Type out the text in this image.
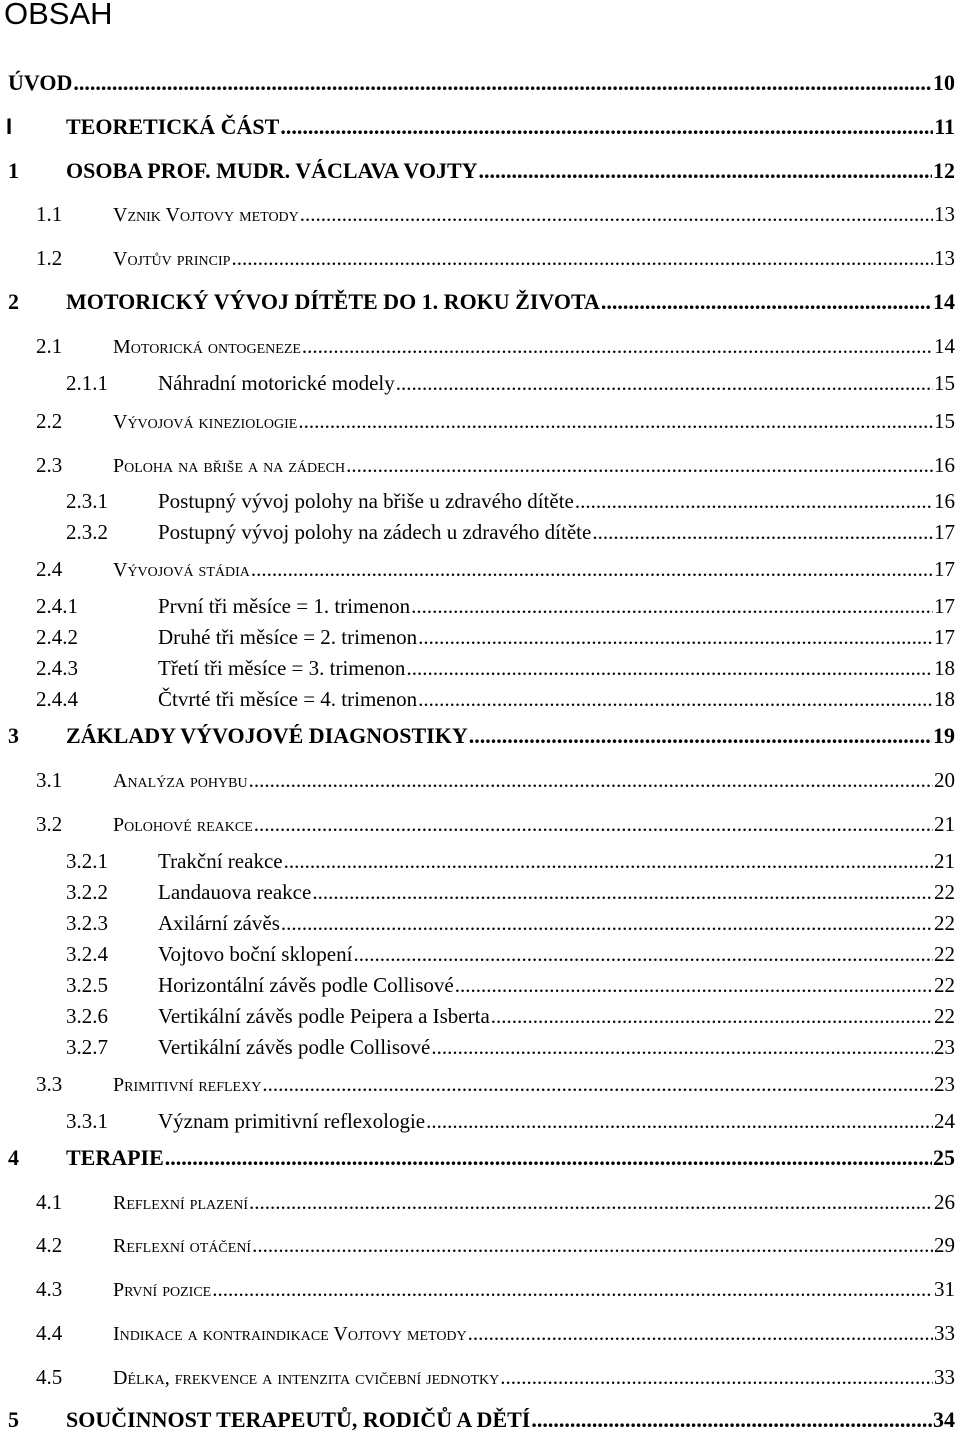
OBSAH
ÚVOD .....	10
I TEORETICKÁ ČÁST .....	11
1 OSOBA PROF. MUDR. VÁCLAVA VOJTY .....	12
1.1	Vznik Vojtovy metody .....	13
1.2	Vojtův princip .....	13
2 MOTORICKÝ VÝVOJ DÍTĚTE DO 1. ROKU ŽIVOTA .....	14
2.1	Motorická ontogeneze .....	14
2.1.1 Náhradní motorické modely .....	15
2.2	Vývojová kineziologie .....	15
2.3	Poloha na břiše a na zádech .....	16
2.3.1 Postupný vývoj polohy na břiše u zdravého dítěte .....	16
2.3.2 Postupný vývoj polohy na zádech u zdravého dítěte .....	17
2.4	Vývojová stádia .....	17
2.4.1	První tři měsíce = 1. trimenon .....	17
2.4.2	Druhé tři měsíce = 2. trimenon .....	17
2.4.3	Třetí tři měsíce = 3. trimenon .....	18
2.4.4	Čtvrté tři měsíce = 4. trimenon .....	18
3 ZÁKLADY VÝVOJOVÉ DIAGNOSTIKY .....	19
3.1	Analýza pohybu .....	20
3.2	Polohové reakce .....	21
3.2.1 Trakční reakce .....	21
3.2.2 Landauova reakce .....	22
3.2.3 Axilární závěs .....	22
3.2.4 Vojtovo boční sklopení .....	22
3.2.5 Horizontální závěs podle Collisové .....	22
3.2.6 Vertikální závěs podle Peipera a Isberta .....	22
3.2.7 Vertikální závěs podle Collisové .....	23
3.3	Primitivní reflexy .....	23
3.3.1 Význam primitivní reflexologie .....	24
4 TERAPIE .....	25
4.1	Reflexní plazení .....	26
4.2	Reflexní otáčení .....	29
4.3	První pozice .....	31
4.4	Indikace a kontraindikace Vojtovy metody .....	33
4.5	Délka, frekvence a intenzita cvičební jednotky .....	33
5 SOUČINNOST TERAPEUTŮ, RODIČŮ A DĚTÍ .....	34
